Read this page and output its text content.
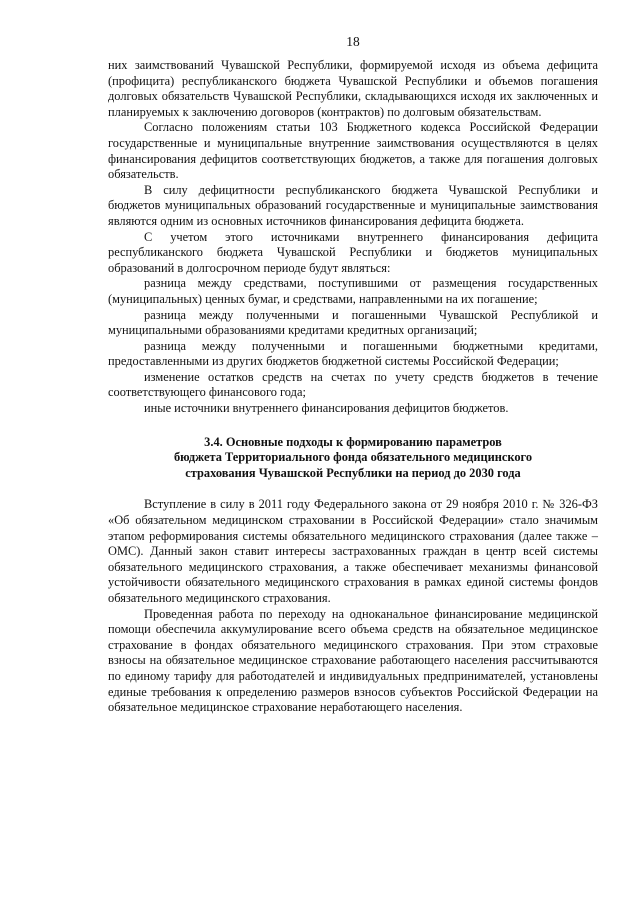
18

них заимствований Чувашской Республики, формируемой исходя из объема дефицита (профицита) республиканского бюджета Чувашской Республики и объемов погашения долговых обязательств Чувашской Республики, складывающихся исходя их заключенных и планируемых к заключению договоров (контрактов) по долговым обязательствам.

Согласно положениям статьи 103 Бюджетного кодекса Российской Федерации государственные и муниципальные внутренние заимствования осуществляются в целях финансирования дефицитов соответствующих бюджетов, а также для погашения долговых обязательств.

В силу дефицитности республиканского бюджета Чувашской Республики и бюджетов муниципальных образований государственные и муниципальные заимствования являются одним из основных источников финансирования дефицита бюджета.

С учетом этого источниками внутреннего финансирования дефицита республиканского бюджета Чувашской Республики и бюджетов муниципальных образований в долгосрочном периоде будут являться:

разница между средствами, поступившими от размещения государственных (муниципальных) ценных бумаг, и средствами, направленными на их погашение;

разница между полученными и погашенными Чувашской Республикой и муниципальными образованиями кредитами кредитных организаций;

разница между полученными и погашенными бюджетными кредитами, предоставленными из других бюджетов бюджетной системы Российской Федерации;

изменение остатков средств на счетах по учету средств бюджетов в течение соответствующего финансового года;

иные источники внутреннего финансирования дефицитов бюджетов.

3.4. Основные подходы к формированию параметров
бюджета Территориального фонда обязательного медицинского
страхования Чувашской Республики на период до 2030 года

Вступление в силу в 2011 году Федерального закона от 29 ноября 2010 г. № 326-ФЗ «Об обязательном медицинском страховании в Российской Федерации» стало значимым этапом реформирования системы обязательного медицинского страхования (далее также – ОМС). Данный закон ставит интересы застрахованных граждан в центр всей системы обязательного медицинского страхования, а также обеспечивает механизмы финансовой устойчивости обязательного медицинского страхования в рамках единой системы фондов обязательного медицинского страхования.

Проведенная работа по переходу на одноканальное финансирование медицинской помощи обеспечила аккумулирование всего объема средств на обязательное медицинское страхование в фондах обязательного медицинского страхования. При этом страховые взносы на обязательное медицинское страхование работающего населения рассчитываются по единому тарифу для работодателей и индивидуальных предпринимателей, установлены единые требования к определению размеров взносов субъектов Российской Федерации на обязательное медицинское страхование неработающего населения.
